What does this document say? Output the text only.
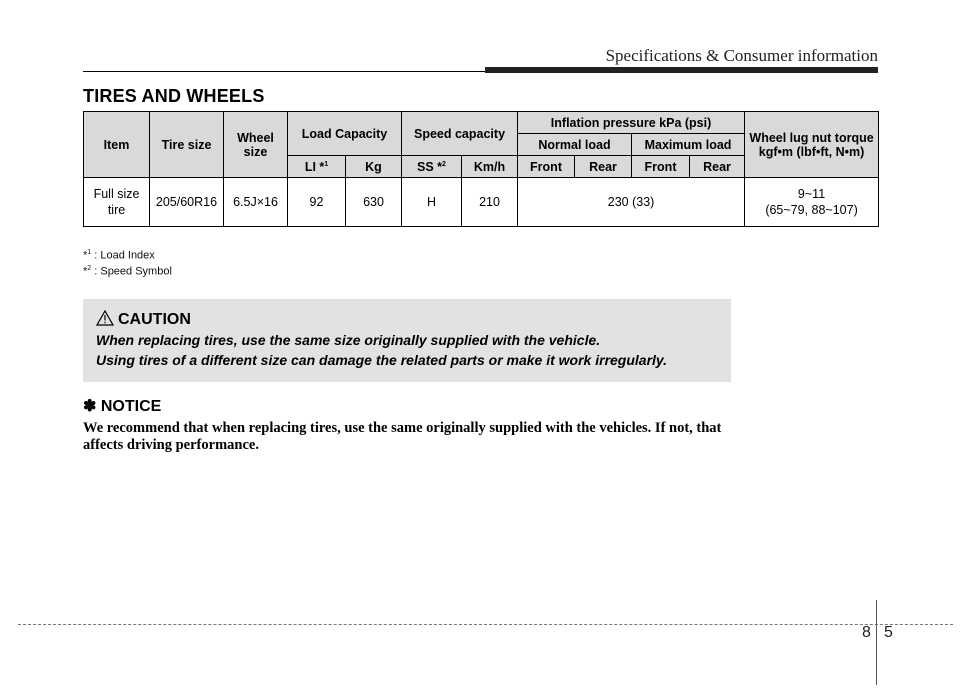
Specifications & Consumer information
TIRES AND WHEELS
Item	Tire size	Wheel size	Load Capacity		Speed capacity		Inflation pressure kPa (psi)				Wheel lug nut torque
kgf•m (lbf•ft, N•m)
							Normal load		Maximum load		
			LI *$^1$	Kg	SS *$^2$	Km/h	Front	Rear	Front	Rear	
Full size tire	205/60R16	6.5J×16	92	630	H	210	230 (33)				9~11
(65~79, 88~107)
*$^1$ : Load Index
*$^2$ : Speed Symbol
CAUTION
When replacing tires, use the same size originally supplied with the vehicle.
Using tires of a different size can damage the related parts or make it work irregularly.
✽ NOTICE
We recommend that when replacing tires, use the same originally supplied with the vehicles. If not, that affects driving performance.
8 5
